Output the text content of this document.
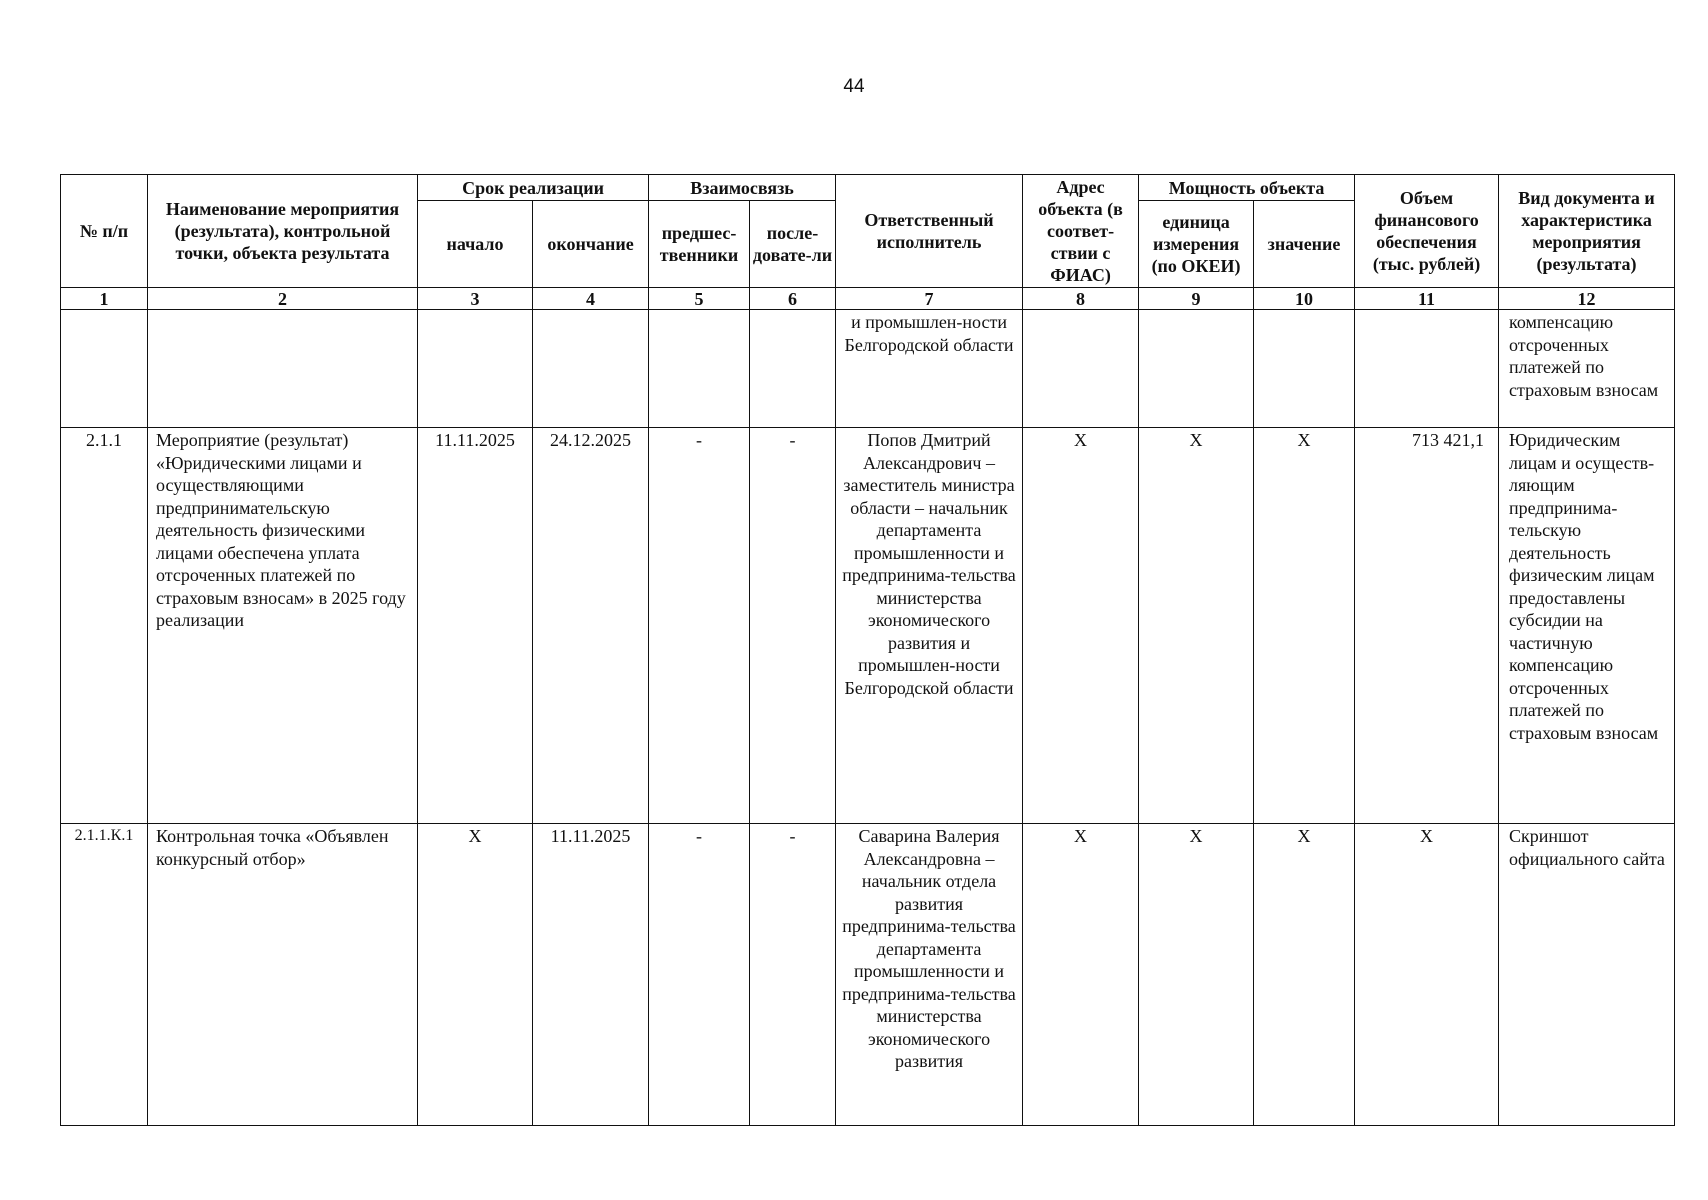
44
№ п/п	Наименование мероприятия (результата), контрольной точки, объекта результата	Срок реализации		Взаимосвязь		Ответственный исполнитель	Адрес объекта (в соответ-ствии с ФИАС)	Мощность объекта		Объем финансового обеспечения (тыс. рублей)	Вид документа и характеристика мероприятия (результата)
		начало	окончание	предшес-твенники	после-довате-ли			единица измерения (по ОКЕИ)	значение		
1	2	3	4	5	6	7	8	9	10	11	12
						и промышлен-ности Белгородской области					компенсацию отсроченных платежей по страховым взносам
2.1.1	Мероприятие (результат) «Юридическими лицами и осуществляющими предпринимательскую деятельность физическими лицами обеспечена уплата отсроченных платежей по страховым взносам» в 2025 году реализации	11.11.2025	24.12.2025	-	-	Попов Дмитрий Александрович – заместитель министра области – начальник департамента промышленности и предпринима-тельства министерства экономического развития и промышлен-ности Белгородской области	X	X	X	713 421,1	Юридическим лицам и осуществ-ляющим предпринима-тельскую деятельность физическим лицам предоставлены субсидии на частичную компенсацию отсроченных платежей по страховым взносам
2.1.1.К.1	Контрольная точка «Объявлен конкурсный отбор»	X	11.11.2025	-	-	Саварина Валерия Александровна – начальник отдела развития предпринима-тельства департамента промышленности и предпринима-тельства министерства экономического развития	X	X	X	X	Скриншот официального сайта
